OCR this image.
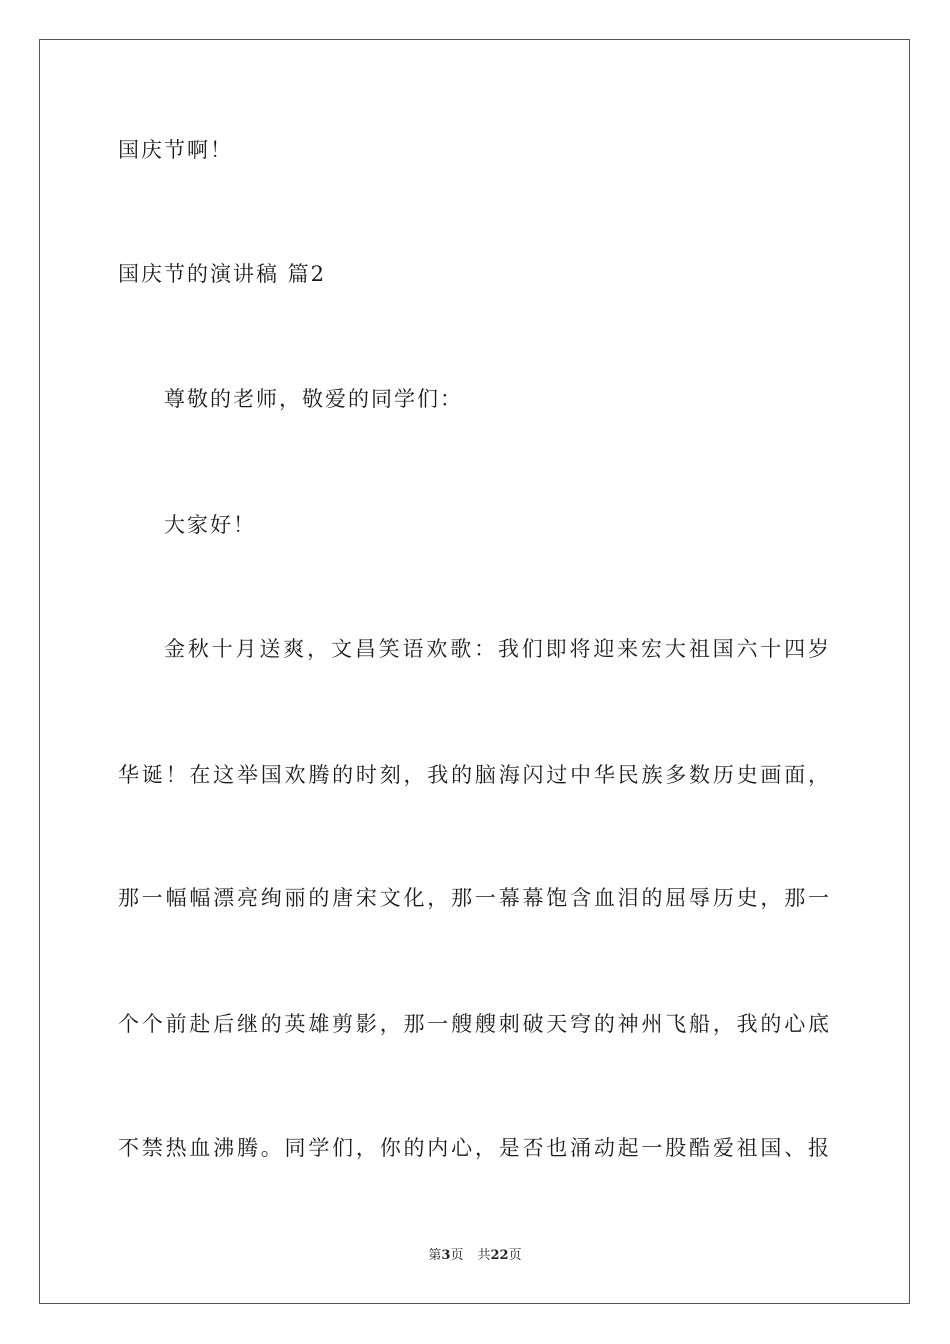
国庆节啊！
国庆节的演讲稿 篇2
尊敬的老师，敬爱的同学们：
大家好！
金秋十月送爽，文昌笑语欢歌：我们即将迎来宏大祖国六十四岁
华诞！在这举国欢腾的时刻，我的脑海闪过中华民族多数历史画面，
那一幅幅漂亮绚丽的唐宋文化，那一幕幕饱含血泪的屈辱历史，那一
个个前赴后继的英雄剪影，那一艘艘刺破天穹的神州飞船，我的心底
不禁热血沸腾。同学们，你的内心，是否也涌动起一股酷爱祖国、报
第3页 共22页
